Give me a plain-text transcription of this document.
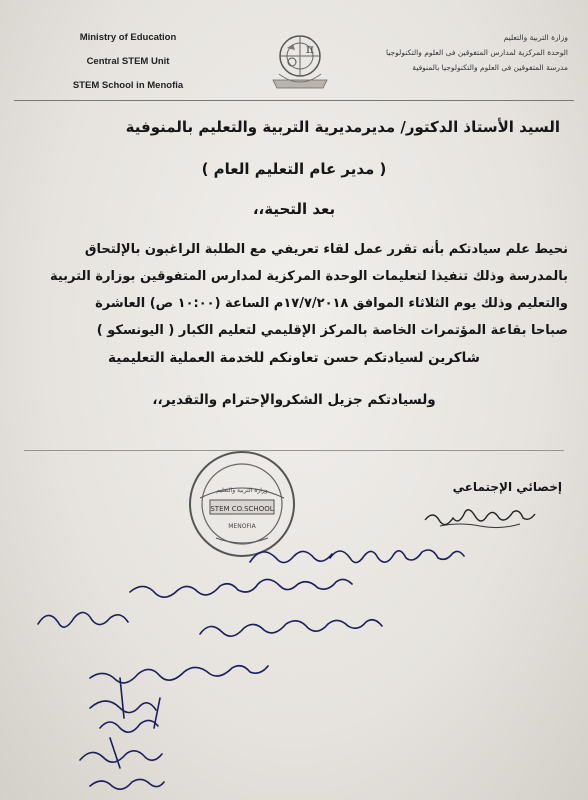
Ministry of Education
Central STEM Unit
STEM School in Menofia
π
وزارة التربية والتعليم
الوحدة المركزية لمدارس المتفوقين فى العلوم والتكنولوجيا
مدرسة المتفوقين فى العلوم والتكنولوجيا بالمنوفية
السيد الأستاذ الدكتور/ مديرمديرية التربية والتعليم بالمنوفية
( مدير عام التعليم العام )
بعد التحية،،
نحيط علم سيادتكم بأنه تقرر عمل لقاء تعريفي مع الطلبة الراغبون بالإلتحاق
بالمدرسة وذلك تنفيذا لتعليمات الوحدة المركزية لمدارس المتفوقين بوزارة التربية
والتعليم وذلك يوم الثلاثاء الموافق ١٧/٧/٢٠١٨م الساعة (١٠:٠٠ ص) العاشرة
صباحا بقاعة المؤتمرات الخاصة بالمركز الإقليمي لتعليم الكبار ( اليونسكو )
شاكرين لسيادتكم حسن تعاونكم للخدمة العملية التعليمية
ولسيادتكم جزيل الشكروالإحترام والتقدير،،
إخصائي الإجتماعي
STEM CO.SCHOOL
وزارة التربية والتعليم
MENOFIA
